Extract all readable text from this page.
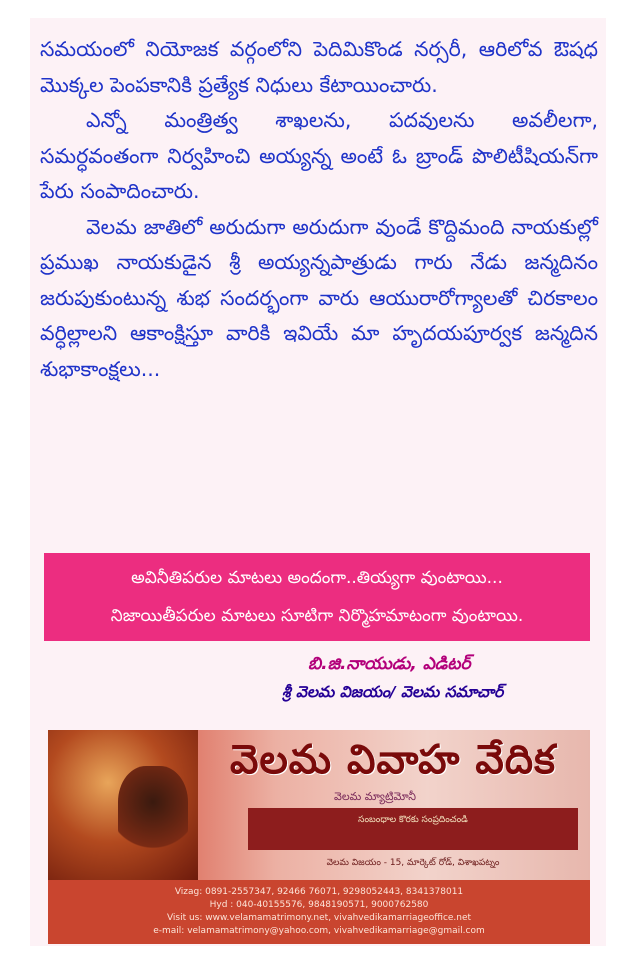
సమయంలో నియోజక వర్గంలోని పెదిమికొండ నర్సరీ, ఆరిలోవ ఔషధ మొక్కల పెంపకానికి ప్రత్యేక నిధులు కేటాయించారు.

ఎన్నో మంత్రిత్వ శాఖలను, పదవులను అవలీలగా, సమర్ధవంతంగా నిర్వహించి అయ్యన్న అంటే ఓ బ్రాండ్ పొలిటీషియన్‌గా పేరు సంపాదించారు.

వెలమ జాతిలో అరుదుగా అరుదుగా వుండే కొద్దిమంది నాయకుల్లో ప్రముఖ నాయకుడైన శ్రీ అయ్యన్నపాత్రుడు గారు నేడు జన్మదినం జరుపుకుంటున్న శుభ సందర్భంగా వారు ఆయురారోగ్యాలతో చిరకాలం వర్ధిల్లాలని ఆకాంక్షిస్తూ వారికి ఇవియే మా హృదయపూర్వక జన్మదిన శుభాకాంక్షలు...

అవినీతిపరుల మాటలు అందంగా..తియ్యగా వుంటాయి...
నిజాయితీపరుల మాటలు సూటిగా నిర్మొహమాటంగా వుంటాయి.
బి.జి.నాయుడు, ఎడిటర్
శ్రీ వెలమ విజయం/ వెలమ సమాచార్
వెలమ వివాహ వేదిక
వెలమ మ్యాట్రిమోనీ
సంబంధాల కొరకు సంప్రదించండి
వెలమ విజయం - 15, మార్కెట్ రోడ్, విశాఖపట్నం
Vizag: 0891-2557347, 92466 76071, 9298052443, 8341378011
Hyd : 040-40155576, 9848190571, 9000762580
Visit us: www.velamamatrimony.net, vivahvedikamarriageoffice.net
e-mail: velamamatrimony@yahoo.com, vivahvedikamarriage@gmail.com
